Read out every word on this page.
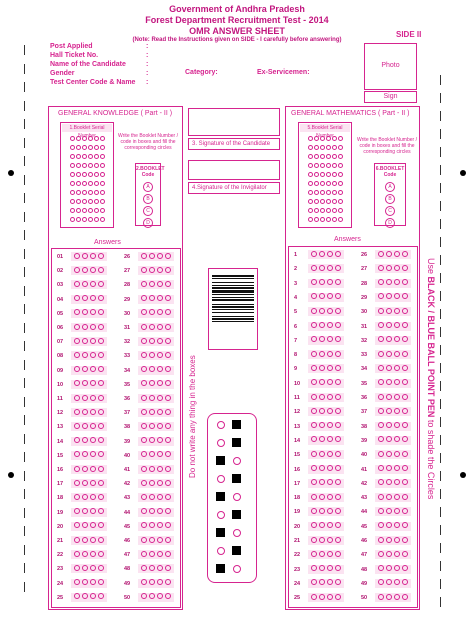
Government of Andhra Pradesh
Forest Department Recruitment Test - 2014
OMR ANSWER SHEET
(Note: Read the Instructions given on SIDE - I carefully before answering)
SIDE II
Post Applied
Hall Ticket No.
Name of the Candidate
Gender
Test Center Code & Name
:
:
:
:
:
Category:	Ex-Servicemen:
Photo
Sign
GENERAL KNOWLEDGE ( Part - II )
1.Booklet Serial Number	Write the Booklet Number / code in boxes and fill the corresponding circles
2.BOOKLET Code
A
B
C
D
Answers
01
02
03
04
05
06
07
08
09
10
11
12
13
14
15
16
17
18
19
20
21
22
23
24
25
26
27
28
29
30
31
32
33
34
35
36
37
38
39
40
41
42
43
44
45
46
47
48
49
50
3. Signature of the Candidate
4.Signature of the Invigilator
Do not write any thing in the boxes
GENERAL MATHEMATICS ( Part - II )
5.Booklet Serial Number
Write the Booklet Number / code in boxes and fill the corresponding circles
6.BOOKLET Code
A
B
C
D
Answers
1
2
3
4
5
6
7
8
9
10
11
12
13
14
15
16
17
18
19
20
21
22
23
24
25
26
27
28
29
30
31
32
33
34
35
36
37
38
39
40
41
42
43
44
45
46
47
48
49
50
Use BLACK / BLUE BALL POINT PEN to shade the Circles
